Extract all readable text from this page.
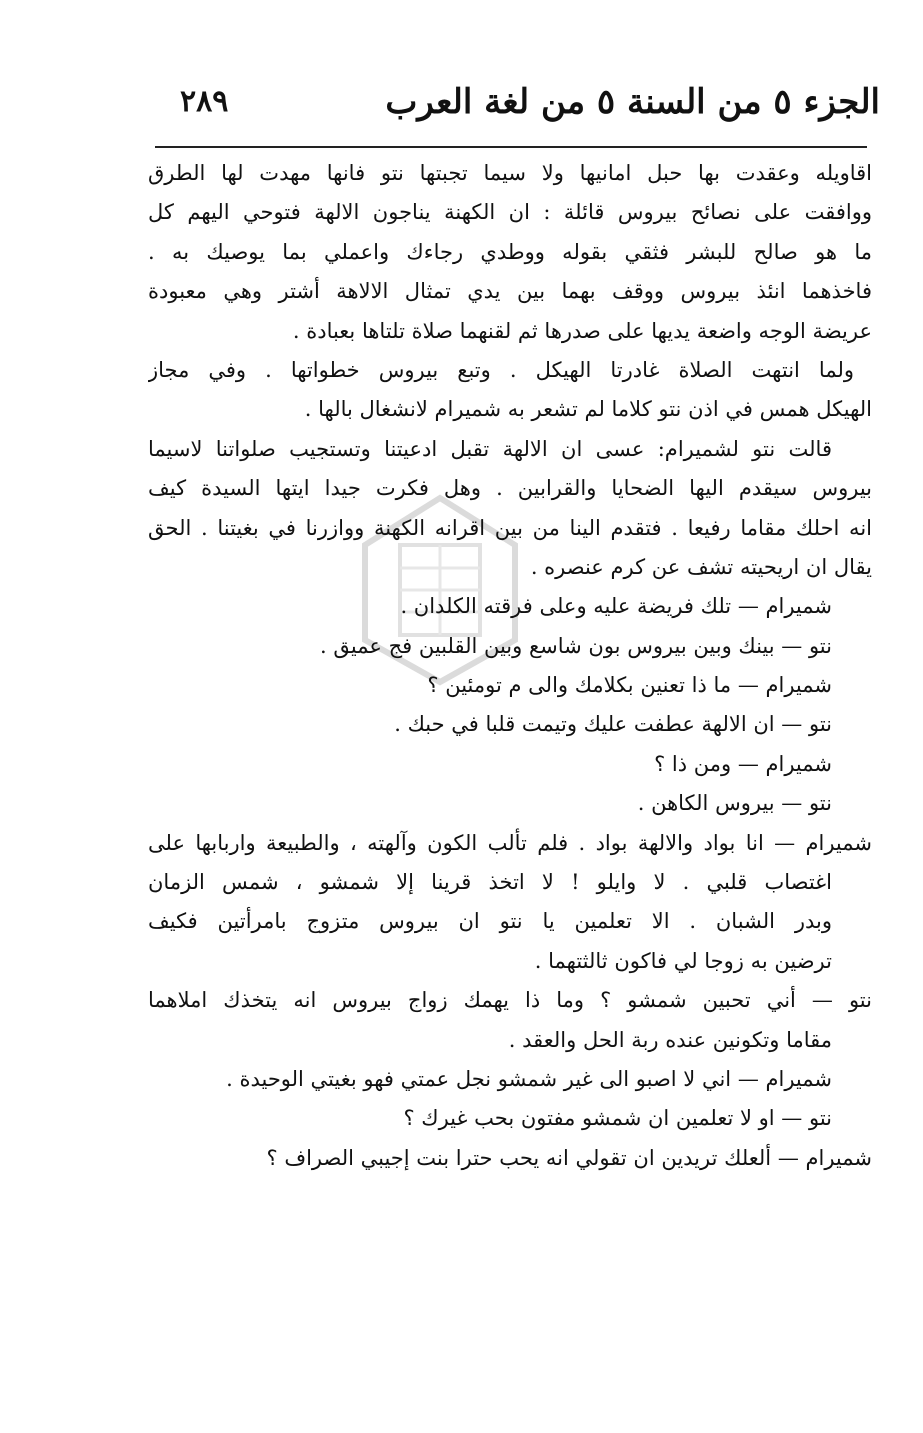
الجزء ٥ من السنة ٥ من لغة العرب
٢٨٩
اقاويله وعقدت بها حبل امانيها ولا سيما تجبتها نتو فانها مهدت لها الطرق
ووافقت على نصائح بيروس قائلة : ان الكهنة يناجون الالهة فتوحي اليهم كل
ما هو صالح للبشر فثقي بقوله ووطدي رجاءك واعملي بما يوصيك به .
فاخذهما انئذ بيروس ووقف بهما بين يدي تمثال الالاهة أشتر وهي معبودة
عريضة الوجه واضعة يديها على صدرها ثم لقنهما صلاة تلتاها بعبادة .
ولما انتهت الصلاة غادرتا الهيكل . وتبع بيروس خطواتها . وفي مجاز
الهيكل همس في اذن نتو كلاما لم تشعر به شميرام لانشغال بالها .
قالت نتو لشميرام: عسى ان الالهة تقبل ادعيتنا وتستجيب صلواتنا لاسيما
بيروس سيقدم اليها الضحايا والقرابين . وهل فكرت جيدا ايتها السيدة كيف
انه احلك مقاما رفيعا . فتقدم الينا من بين اقرانه الكهنة ووازرنا في بغيتنا . الحق
يقال ان اريحيته تشف عن كرم عنصره .
شميرام — تلك فريضة عليه وعلى فرقته الكلدان .
نتو — بينك وبين بيروس بون شاسع وبين القلبين فج عميق .
شميرام — ما ذا تعنين بكلامك والى م تومئين ؟
نتو — ان الالهة عطفت عليك وتيمت قلبا في حبك .
شميرام — ومن ذا ؟
نتو — بيروس الكاهن .
شميرام — انا بواد والالهة بواد . فلم تألب الكون وآلهته ، والطبيعة واربابها على
اغتصاب قلبي . لا وايلو ! لا اتخذ قرينا إلا شمشو ، شمس الزمان
وبدر الشبان . الا تعلمين يا نتو ان بيروس متزوج بامرأتين فكيف
ترضين به زوجا لي فاكون ثالثتهما .
نتو — أني تحبين شمشو ؟ وما ذا يهمك زواج بيروس انه يتخذك املاهما
مقاما وتكونين عنده ربة الحل والعقد .
شميرام — اني لا اصبو الى غير شمشو نجل عمتي فهو بغيتي الوحيدة .
نتو — او لا تعلمين ان شمشو مفتون بحب غيرك ؟
شميرام — ألعلك تريدين ان تقولي انه يحب حترا بنت إجيبي الصراف ؟
